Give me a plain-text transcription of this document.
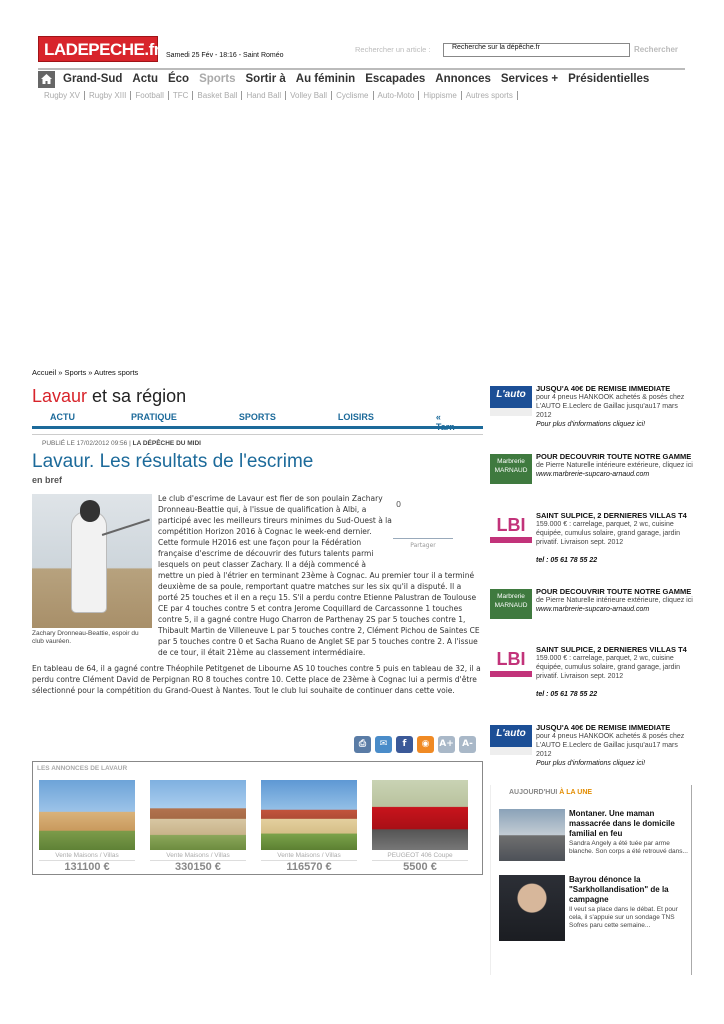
LADEPECHE.fr Samedi 25 Fév - 18:16 - Saint Roméo
Rechercher un article :	Recherche sur la dépêche.fr	Rechercher
Grand-Sud Actu Éco Sports Sortir à Au féminin Escapades Annonces Services + Présidentielles
Rugby XV	Rugby XIII	Football	TFC	Basket Ball	Hand Ball	Volley Ball	Cyclisme	Auto-Moto	Hippisme	Autres sports
Accueil » Sports » Autres sports
Lavaur et sa région
ACTU	PRATIQUE	SPORTS	LOISIRS	« Tarn
PUBLIÉ LE 17/02/2012 09:56 | LA DÉPÊCHE DU MIDI
Lavaur. Les résultats de l'escrime
en bref
0
Partager

Le club d'escrime de Lavaur est fier de son poulain Zachary Dronneau-Beattie qui, à l'issue de qualification à Albi, a participé avec les meilleurs tireurs minimes du Sud-Ouest à la compétition Horizon 2016 à Cognac le week-end dernier. Cette formule H2016 est une façon pour la Fédération française d'escrime de découvrir des futurs talents parmi lesquels on peut classer Zachary. Il a déjà commencé à mettre un pied à l'étrier en terminant 23ème à Cognac. Au premier tour il a terminé deuxième de sa poule, remportant quatre matches sur les six qu'il a disputé. Il a porté 25 touches et il en a reçu 15. S'il a perdu contre Etienne Palustran de Toulouse CE par 4 touches contre 5 et contra Jerome Coquillard de Carcassonne 1 touches contre 5, il a gagné contre Hugo Charron de Parthenay 2S par 5 touches contre 1, Thibault Martin de Villeneuve L par 5 touches contre 2, Clément Pichou de Saintes CE par 5 touches contre 0 et Sacha Ruano de Anglet SE par 5 touches contre 2. A l'issue de ce tour, il était 21ème au classement intermédiaire.

En tableau de 64, il a gagné contre Théophile Petitgenet de Libourne AS 10 touches contre 5 puis en tableau de 32, il a perdu contre Clément David de Perpignan RO 8 touches contre 10. Cette place de 23ème à Cognac lui a permis d'être sélectionné pour la compétition du Grand-Ouest à Nantes. Tout le club lui souhaite de continuer dans cette voie.

Zachary Dronneau-Beattie, espoir du club vauréen.
⎙	✉	f	◉	A+ A-
LES ANNONCES DE LAVAUR
Vente Maisons / Villas
131100 €
Vente Maisons / Villas
330150 €
Vente Maisons / Villas
116570 €
PEUGEOT 406 Coupe
5500 €
L'auto
JUSQU'A 40€ DE REMISE IMMEDIATE
pour 4 pneus HANKOOK achetés & posés chez L'AUTO E.Leclerc de Gaillac jusqu'au17 mars 2012
Pour plus d'informations cliquez ici!
Marbrerie MARNAUD
POUR DECOUVRIR TOUTE NOTRE GAMME
de Pierre Naturelle intérieure extérieure, cliquez ici
www.marbrerie-supcaro-arnaud.com
LBI	SAINT SULPICE, 2 DERNIERES VILLAS T4
159.000 € : carrelage, parquet, 2 wc, cuisine équipée, cumulus solaire, grand garage, jardin privatif. Livraison sept. 2012

tel : 05 61 78 55 22
Marbrerie MARNAUD
POUR DECOUVRIR TOUTE NOTRE GAMME
de Pierre Naturelle intérieure extérieure, cliquez ici
www.marbrerie-supcaro-arnaud.com
LBI	SAINT SULPICE, 2 DERNIERES VILLAS T4
159.000 € : carrelage, parquet, 2 wc, cuisine équipée, cumulus solaire, grand garage, jardin privatif. Livraison sept. 2012

tel : 05 61 78 55 22
L'auto
JUSQU'A 40€ DE REMISE IMMEDIATE
pour 4 pneus HANKOOK achetés & posés chez L'AUTO E.Leclerc de Gaillac jusqu'au17 mars 2012
Pour plus d'informations cliquez ici!
AUJOURD'HUI À LA UNE
Montaner. Une maman massacrée dans le domicile familial en feu

Sandra Angely a été tuée par arme blanche. Son corps a été retrouvé dans...

Bayrou dénonce la "Sarkhollandisation" de la campagne

Il veut sa place dans le débat. Et pour cela, il s'appuie sur un sondage TNS Sofres paru cette semaine...
